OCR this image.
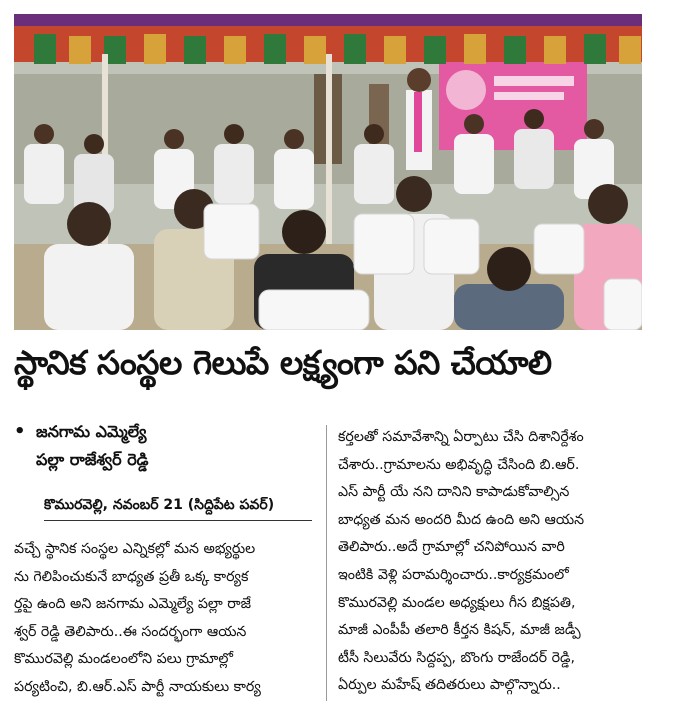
స్థానిక సంస్థల గెలుపే లక్ష్యంగా పని చేయాలి
• జనగామ ఎమ్మెల్యే
పల్లా రాజేశ్వర్ రెడ్డి
కొమురవెల్లి, నవంబర్ 21 (సిద్దిపేట పవర్)
వచ్చే స్థానిక సంస్థల ఎన్నికల్లో మన అభ్యర్థుల
ను గెలిపించుకునే బాధ్యత ప్రతీ ఒక్క కార్యక
ర్తపై ఉంది అని జనగామ ఎమ్మెల్యే పల్లా రాజే
శ్వర్ రెడ్డి తెలిపారు..ఈ సందర్భంగా ఆయన
కొమురవెల్లి మండలంలోని పలు గ్రామాల్లో
పర్యటించి, బి.ఆర్.ఎస్ పార్టీ నాయకులు కార్య
కర్తలతో సమావేశాన్ని ఏర్పాటు చేసి దిశానిర్దేశం
చేశారు..గ్రామాలను అభివృద్ధి చేసింది బి.ఆర్.
ఎస్ పార్టీ యే నని దానిని కాపాడుకోవాల్సిన
బాధ్యత మన అందరి మీద ఉంది అని ఆయన
తెలిపారు..అదే గ్రామాల్లో చనిపోయిన వారి
ఇంటికి వెళ్లి పరామర్శించారు..కార్యక్రమంలో
కొమురవెల్లి మండల అధ్యక్షులు గీస బిక్షపతి,
మాజీ ఎంపీపీ తలారి కీర్తన కిషన్, మాజీ జడ్పీ
టీసీ సిలువేరు సిద్దప్ప, బొంగు రాజేందర్ రెడ్డి,
ఏర్పుల మహేష్ తదితరులు పాల్గొన్నారు..
